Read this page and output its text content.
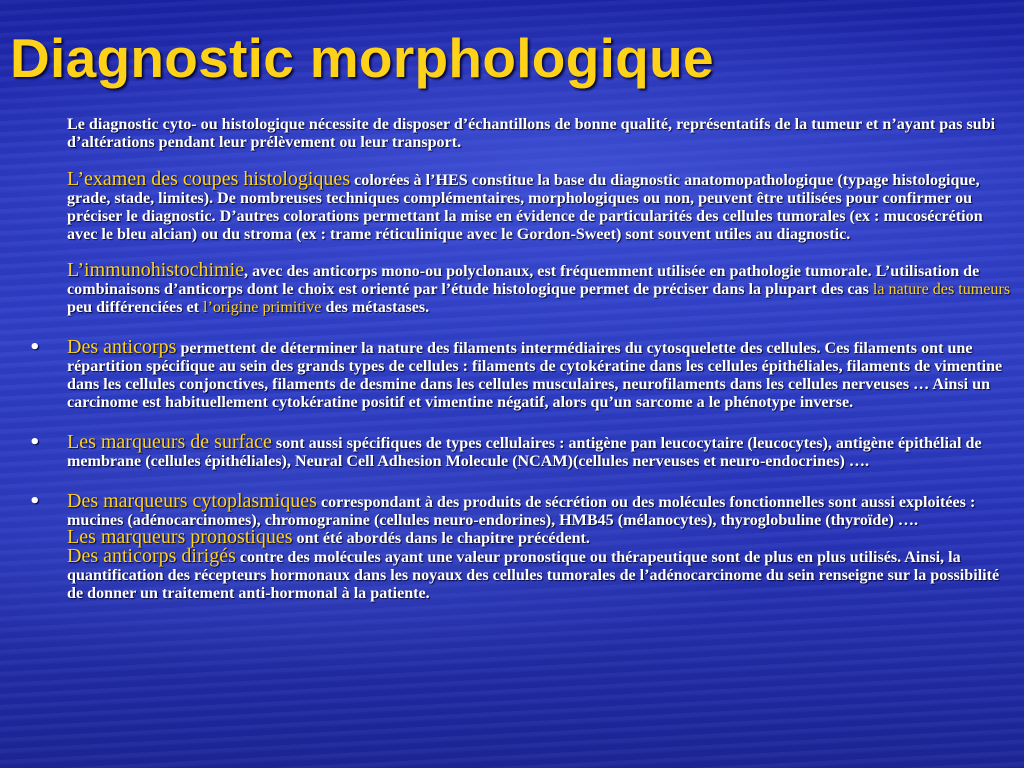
Diagnostic morphologique
Le diagnostic cyto- ou histologique nécessite de disposer d’échantillons de bonne qualité, représentatifs de la tumeur et n’ayant pas subi d’altérations pendant leur prélèvement ou leur transport.
L’examen des coupes histologiques colorées à l’HES constitue la base du diagnostic anatomopathologique (typage histologique, grade, stade, limites). De nombreuses techniques complémentaires, morphologiques ou non, peuvent être utilisées pour confirmer ou préciser le diagnostic. D’autres colorations permettant la mise en évidence de particularités des cellules tumorales (ex : mucosécrétion avec le bleu alcian) ou du stroma (ex : trame réticulinique avec le Gordon-Sweet) sont souvent utiles au diagnostic.
L’immunohistochimie, avec des anticorps mono-ou polyclonaux, est fréquemment utilisée en pathologie tumorale. L’utilisation de combinaisons d’anticorps dont le choix est orienté par l’étude histologique permet de préciser dans la plupart des cas la nature des tumeurs peu différenciées et l’origine primitive des métastases.
• Des anticorps permettent de déterminer la nature des filaments intermédiaires du cytosquelette des cellules. Ces filaments ont une répartition spécifique au sein des grands types de cellules : filaments de cytokératine dans les cellules épithéliales, filaments de vimentine dans les cellules conjonctives, filaments de desmine dans les cellules musculaires, neurofilaments dans les cellules nerveuses … Ainsi un carcinome est habituellement cytokératine positif et vimentine négatif, alors qu’un sarcome a le phénotype inverse.
• Les marqueurs de surface sont aussi spécifiques de types cellulaires : antigène pan leucocytaire (leucocytes), antigène épithélial de membrane (cellules épithéliales), Neural Cell Adhesion Molecule (NCAM)(cellules nerveuses et neuro-endocrines) ….
• Des marqueurs cytoplasmiques correspondant à des produits de sécrétion ou des molécules fonctionnelles sont aussi exploitées : mucines (adénocarcinomes), chromogranine (cellules neuro-endorines), HMB45 (mélanocytes), thyroglobuline (thyroïde) ….
Les marqueurs pronostiques ont été abordés dans le chapitre précédent.
Des anticorps dirigés contre des molécules ayant une valeur pronostique ou thérapeutique sont de plus en plus utilisés. Ainsi, la quantification des récepteurs hormonaux dans les noyaux des cellules tumorales de l’adénocarcinome du sein renseigne sur la possibilité de donner un traitement anti-hormonal à la patiente.
